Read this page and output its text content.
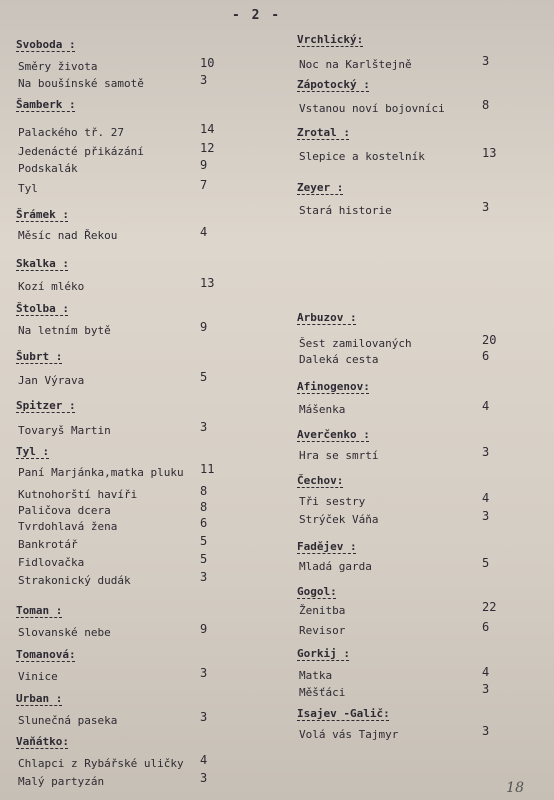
- 2 -
Svoboda :
Směry života	10
Na boušínské samotě	3
Šamberk :
Palackého tř. 27	14
Jedenácté přikázání	12
Podskalák	9
Tyl	7
Šrámek :
Měsíc nad Řekou	4
Skalka :
Kozí mléko	13
Štolba :
Na letním bytě	9
Šubrt :
Jan Výrava	5
Spitzer :
Tovaryš Martin	3
Tyl :
Paní Marjánka,matka pluku 11
Kutnohorští havíři	8
Paličova dcera	8
Tvrdohlavá žena	6
Bankrotář	5
Fidlovačka	5
Strakonický dudák	3
Toman :
Slovanské nebe	9
Tomanová:
Vinice	3
Urban :
Slunečná paseka	3
Vaňátko:
Chlapci z Rybářské uličky 4
Malý partyzán	3
Vrchlický:
Noc na Karlštejně	3
Zápotocký :
Vstanou noví bojovníci	8
Zrotal :
Slepice a kostelník	13
Zeyer :
Stará historie	3
Arbuzov :
Šest zamilovaných	20
Daleká cesta	6
Afinogenov:
Mášenka	4
Averčenko :
Hra se smrtí	3
Čechov:
Tři sestry	4
Strýček Váňa	3
Fadějev :
Mladá garda	5
Gogol:
Ženitba	22
Revisor	6
Gorkij :
Matka	4
Měšťáci	3
Isajev -Galič:
Volá vás Tajmyr	3
18
